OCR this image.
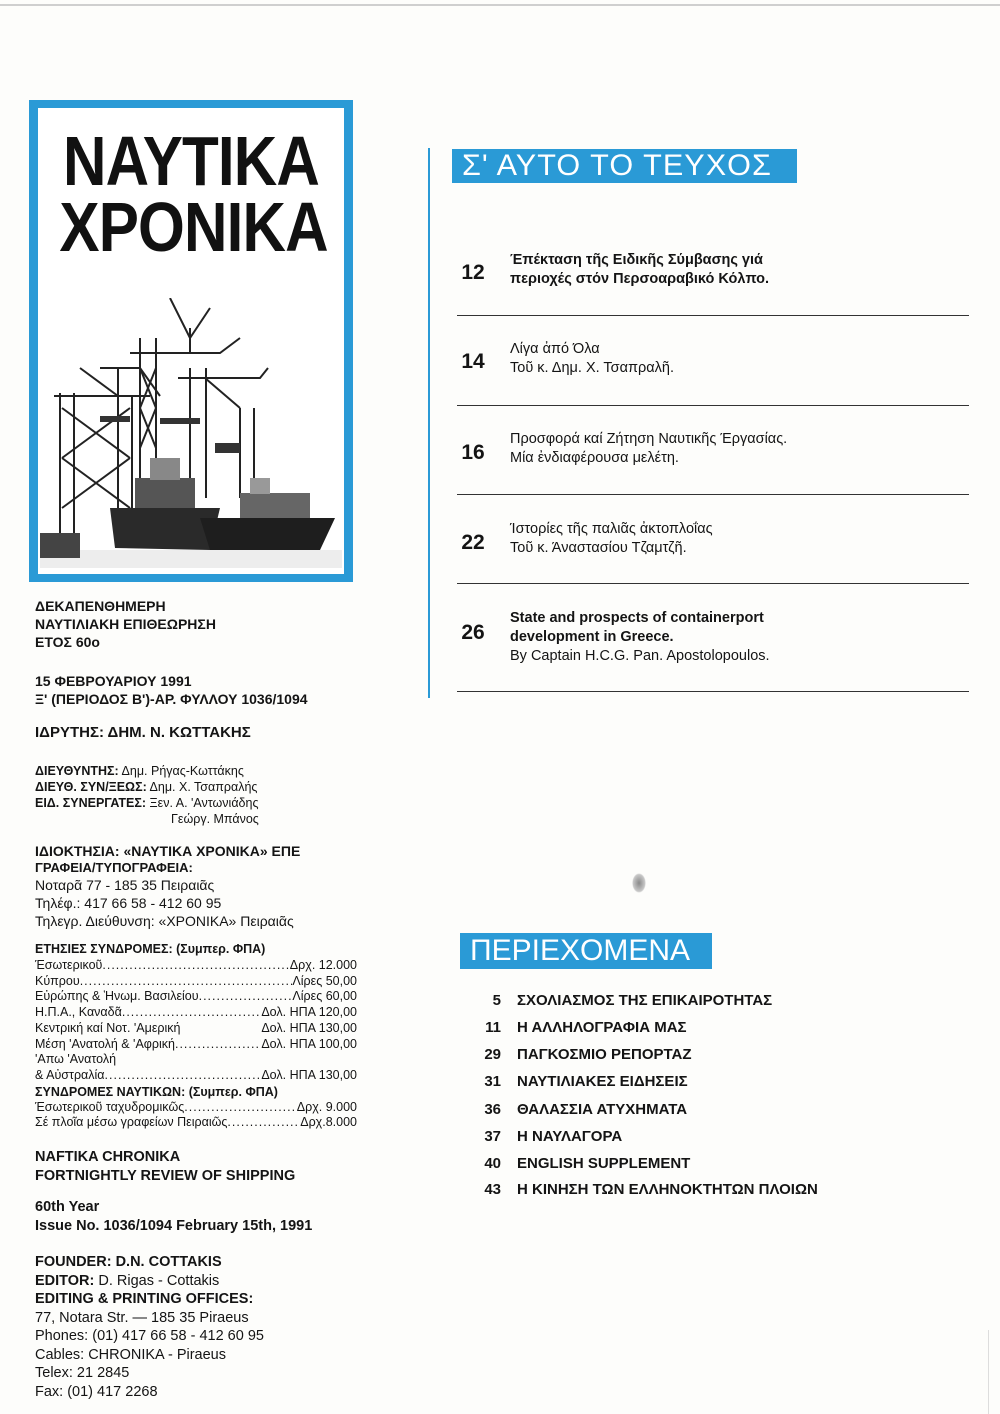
ΝΑΥΤΙΚΑ
ΧΡΟΝΙΚΑ

ΔΕΚΑΠΕΝΘΗΜΕΡΗ

ΝΑΥΤΙΛΙΑΚΗ ΕΠΙΘΕΩΡΗΣΗ

ΕΤΟΣ 60ο

15 ΦΕΒΡΟΥΑΡΙΟΥ 1991

Ξ' (ΠΕΡΙΟΔΟΣ Β')-ΑΡ. ΦΥΛΛΟΥ 1036/1094

ΙΔΡΥΤΗΣ: ΔΗΜ. Ν. ΚΩΤΤΑΚΗΣ

ΔΙΕΥΘΥΝΤΗΣ: Δημ. Ρήγας-Κωττάκης

ΔΙΕΥΘ. ΣΥΝ/ΞΕΩΣ: Δημ. Χ. Τσαπραλής

ΕΙΔ. ΣΥΝΕΡΓΑΤΕΣ: Ξεν. Α. 'Αντωνιάδης

Γεώργ. Μπάνος

ΙΔΙΟΚΤΗΣΙΑ: «ΝΑΥΤΙΚΑ ΧΡΟΝΙΚΑ» ΕΠΕ

ΓΡΑΦΕΙΑ/ΤΥΠΟΓΡΑΦΕΙΑ:

Νοταρᾶ 77 - 185 35 Πειραιᾶς

Τηλέφ.: 417 66 58 - 412 60 95

Τηλεγρ. Διεύθυνση: «ΧΡΟΝΙΚΑ» Πειραιᾶς

ΕΤΗΣΙΕΣ ΣΥΝΔΡΟΜΕΣ: (Συμπερ. ΦΠΑ)

Έσωτερικοῦ .....	Δρχ. 12.000
Κύπρου .....	Λίρες 50,00
Εὐρώπης & Ἡνωμ. Βασιλείου .....	Λίρες 60,00
Η.Π.Α., Καναδᾶ .....	Δολ. ΗΠΑ 120,00
Κεντρική καί Νοτ. 'Αμερική	Δολ. ΗΠΑ 130,00
Μέση 'Ανατολή & 'Αφρική .....	Δολ. ΗΠΑ 100,00
'Απω 'Ανατολή
& Αὐστραλία .....	Δολ. ΗΠΑ 130,00

ΣΥΝΔΡΟΜΕΣ ΝΑΥΤΙΚΩΝ: (Συμπερ. ΦΠΑ)

Έσωτερικοῦ ταχυδρομικῶς .....	Δρχ. 9.000
Σέ πλοῖα μέσω γραφείων Πειραιῶς .....	Δρχ.8.000

NAFTIKA CHRONIKA

FORTNIGHTLY REVIEW OF SHIPPING

60th Year

Issue No. 1036/1094 February 15th, 1991

FOUNDER: D.N. COTTAKIS

EDITOR: D. Rigas - Cottakis

EDITING & PRINTING OFFICES:

77, Notara Str. — 185 35 Piraeus

Phones: (01) 417 66 58 - 412 60 95

Cables: CHRONIKA - Piraeus

Telex: 21 2845

Fax: (01) 417 2268

Σ' ΑΥΤΟ ΤΟ ΤΕΥΧΟΣ
12
Έπέκταση τῆς Ειδικῆς Σύμβασης γιά
περιοχές στόν Περσοαραβικό Κόλπο.
14
Λίγα ἀπό Όλα
Τοῦ κ. Δημ. Χ. Τσαπραλῆ.
16
Προσφορά καί Ζήτηση Ναυτικῆς Έργασίας.
Μία ἐνδιαφέρουσα μελέτη.
22
Ίστορίες τῆς παλιᾶς ἀκτοπλοΐας
Τοῦ κ. Άναστασίου Τζαμτζῆ.
26
State and prospects of containerport
development in Greece.
By Captain H.C.G. Pan. Apostolopoulos.
ΠΕΡΙΕΧΟΜΕΝΑ
5 ΣΧΟΛΙΑΣΜΟΣ ΤΗΣ ΕΠΙΚΑΙΡΟΤΗΤΑΣ
11 Η ΑΛΛΗΛΟΓΡΑΦΙΑ ΜΑΣ
29 ΠΑΓΚΟΣΜΙΟ ΡΕΠΟΡΤΑΖ
31 ΝΑΥΤΙΛΙΑΚΕΣ ΕΙΔΗΣΕΙΣ
36 ΘΑΛΑΣΣΙΑ ΑΤΥΧΗΜΑΤΑ
37 Η ΝΑΥΛΑΓΟΡΑ
40 ENGLISH SUPPLEMENT
43 Η ΚΙΝΗΣΗ ΤΩΝ ΕΛΛΗΝΟΚΤΗΤΩΝ ΠΛΟΙΩΝ
